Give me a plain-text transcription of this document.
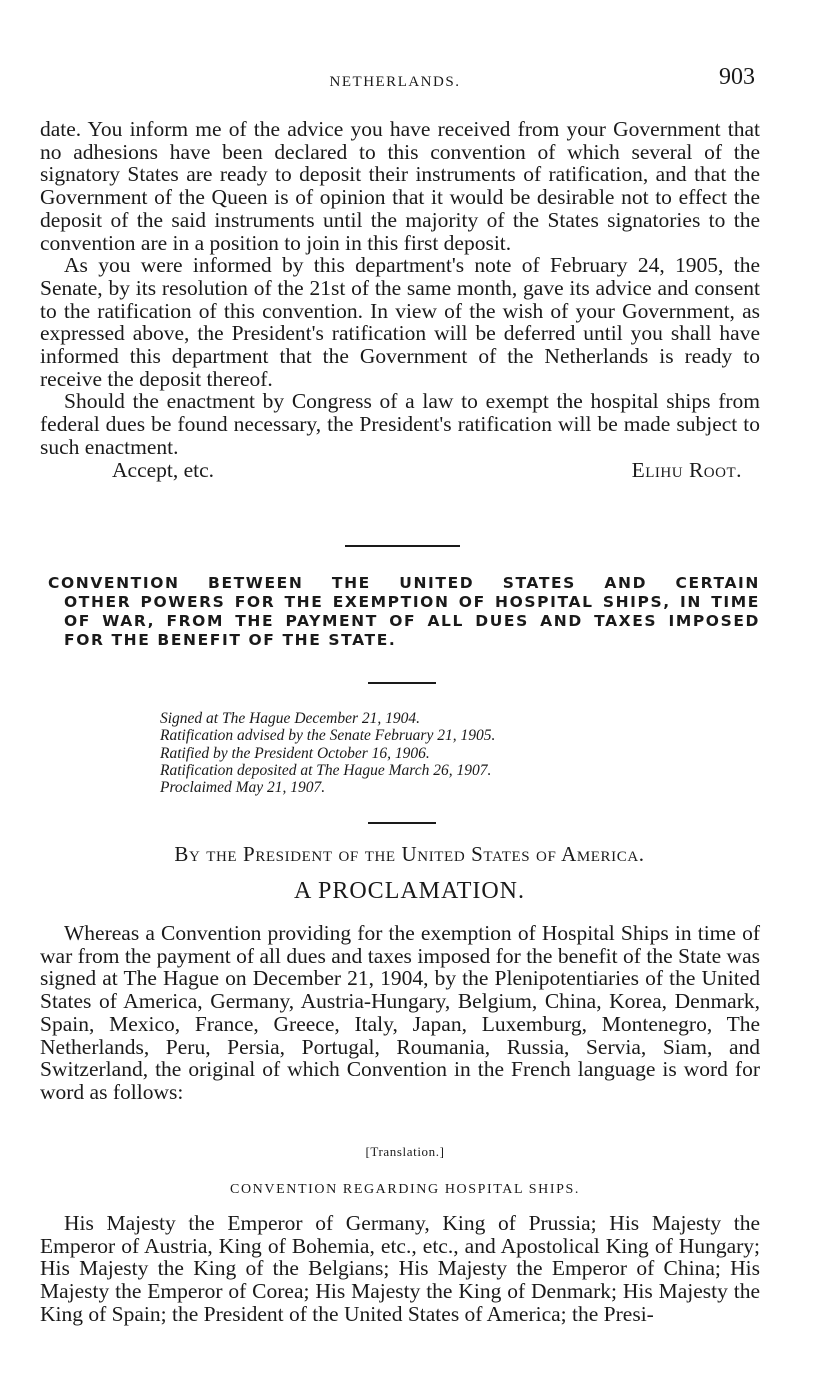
NETHERLANDS.	903

date. You inform me of the advice you have received from your Government that no adhesions have been declared to this convention of which several of the signatory States are ready to deposit their instruments of ratification, and that the Government of the Queen is of opinion that it would be desirable not to effect the deposit of the said instruments until the majority of the States signatories to the convention are in a position to join in this first deposit.

As you were informed by this department's note of February 24, 1905, the Senate, by its resolution of the 21st of the same month, gave its advice and consent to the ratification of this convention. In view of the wish of your Government, as expressed above, the President's ratification will be deferred until you shall have informed this department that the Government of the Netherlands is ready to receive the deposit thereof.

Should the enactment by Congress of a law to exempt the hospital ships from federal dues be found necessary, the President's ratification will be made subject to such enactment.

Accept, etc.	Elihu Root.
CONVENTION BETWEEN THE UNITED STATES AND CERTAIN
OTHER POWERS FOR THE EXEMPTION OF HOSPITAL SHIPS, IN TIME OF WAR, FROM THE PAYMENT OF ALL DUES AND TAXES IMPOSED FOR THE BENEFIT OF THE STATE.
Signed at The Hague December 21, 1904.
Ratification advised by the Senate February 21, 1905.
Ratified by the President October 16, 1906.
Ratification deposited at The Hague March 26, 1907.
Proclaimed May 21, 1907.
By the President of the United States of America.
A PROCLAMATION.

Whereas a Convention providing for the exemption of Hospital Ships in time of war from the payment of all dues and taxes imposed for the benefit of the State was signed at The Hague on December 21, 1904, by the Plenipotentiaries of the United States of America, Germany, Austria-Hungary, Belgium, China, Korea, Denmark, Spain, Mexico, France, Greece, Italy, Japan, Luxemburg, Montenegro, The Netherlands, Peru, Persia, Portugal, Roumania, Russia, Servia, Siam, and Switzerland, the original of which Convention in the French language is word for word as follows:

[Translation.]
CONVENTION REGARDING HOSPITAL SHIPS.

His Majesty the Emperor of Germany, King of Prussia; His Majesty the Emperor of Austria, King of Bohemia, etc., etc., and Apostolical King of Hungary; His Majesty the King of the Belgians; His Majesty the Emperor of China; His Majesty the Emperor of Corea; His Majesty the King of Denmark; His Majesty the King of Spain; the President of the United States of America; the Presi-
